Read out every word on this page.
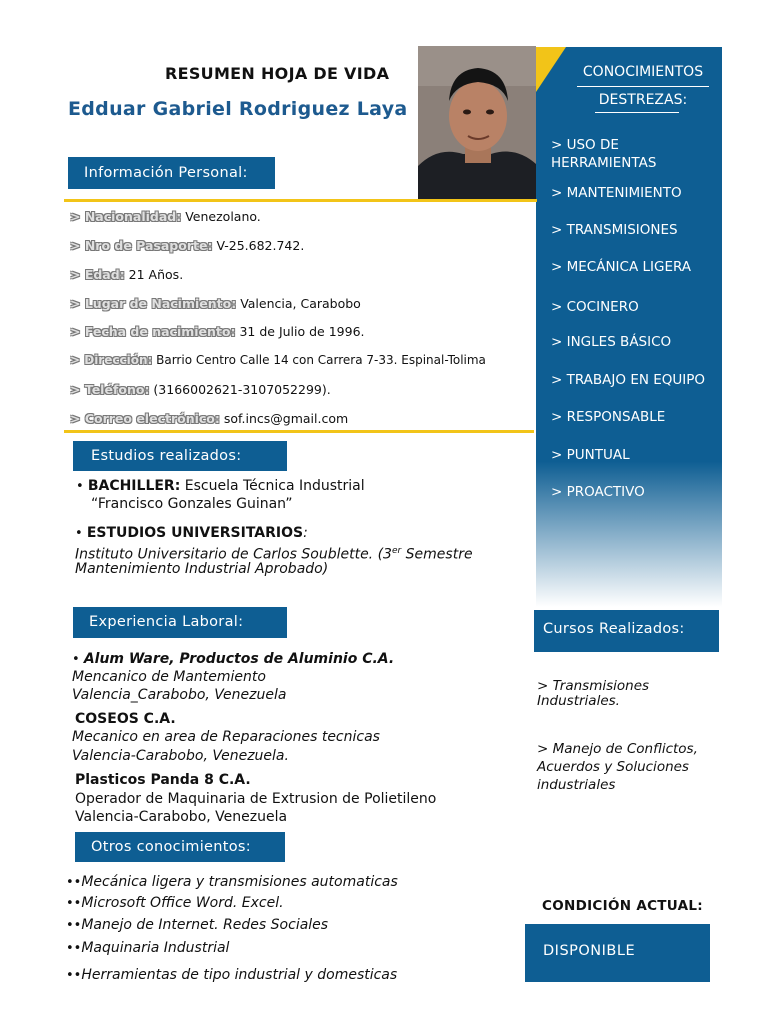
RESUMEN HOJA DE VIDA
Edduar Gabriel Rodriguez Laya
CONOCIMIENTOS
DESTREZAS:
> USO DE HERRAMIENTAS
> MANTENIMIENTO
> TRANSMISIONES
> MECÁNICA LIGERA
> COCINERO
> INGLES BÁSICO
> TRABAJO EN EQUIPO
> RESPONSABLE
> PUNTUAL
> PROACTIVO
Información Personal:
> Nacionalidad: Venezolano.
> Nro de Pasaporte: V-25.682.742.
> Edad: 21 Años.
> Lugar de Nacimiento: Valencia, Carabobo
> Fecha de nacimiento: 31 de Julio de 1996.
> Dirección: Barrio Centro Calle 14 con Carrera 7-33. Espinal-Tolima
> Teléfono: (3166002621-3107052299).
> Correo electrónico: sof.incs@gmail.com
Estudios realizados:
• BACHILLER: Escuela Técnica Industrial
“Francisco Gonzales Guinan”
• ESTUDIOS UNIVERSITARIOS:
Instituto Universitario de Carlos Soublette. (3er Semestre
Mantenimiento Industrial Aprobado)
Experiencia Laboral:
• Alum Ware, Productos de Aluminio C.A.
Mencanico de Mantemiento
Valencia_Carabobo, Venezuela
COSEOS C.A.
Mecanico en area de Reparaciones tecnicas
Valencia-Carabobo, Venezuela.
Plasticos Panda 8 C.A.
Operador de Maquinaria de Extrusion de Polietileno
Valencia-Carabobo, Venezuela
Otros conocimientos:
••Mecánica ligera y transmisiones automaticas
••Microsoft Office Word. Excel.
••Manejo de Internet. Redes Sociales
••Maquinaria Industrial
••Herramientas de tipo industrial y domesticas
Cursos Realizados:
> Transmisiones
Industriales.
> Manejo de Conflictos,
Acuerdos y Soluciones
industriales
CONDICIÓN ACTUAL:
DISPONIBLE
